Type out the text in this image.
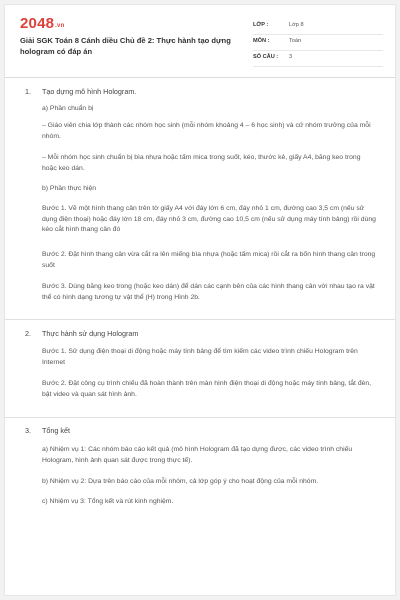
2048.vn
Giải SGK Toán 8 Cánh diều Chủ đề 2: Thực hành tạo dựng hologram có đáp án
LỚP :	Lớp 8
MÔN :	Toán
SỐ CÂU : 3
1. Tạo dựng mô hình Hologram.
a) Phần chuẩn bị
– Giáo viên chia lớp thành các nhóm học sinh (mỗi nhóm khoảng 4 – 6 học sinh) và cử nhóm trưởng của mỗi nhóm.
– Mỗi nhóm học sinh chuẩn bị bìa nhựa hoặc tấm mica trong suốt, kéo, thước kẻ, giấy A4, băng keo trong hoặc keo dán.
b) Phần thực hiện
Bước 1. Vẽ một hình thang cân trên tờ giấy A4 với đáy lớn 6 cm, đáy nhỏ 1 cm, đường cao 3,5 cm (nếu sử dụng điện thoại) hoặc đáy lớn 18 cm, đáy nhỏ 3 cm, đường cao 10,5 cm (nếu sử dụng máy tính bảng) rồi dùng kéo cắt hình thang cân đó
Bước 2. Đặt hình thang cân vừa cắt ra lên miếng bìa nhựa (hoặc tấm mica) rồi cắt ra bốn hình thang cân trong suốt
Bước 3. Dùng băng keo trong (hoặc keo dán) để dán các cạnh bên của các hình thang cân với nhau tạo ra vật thể có hình dạng tương tự vật thể (H) trong Hình 2b.
2. Thực hành sử dụng Hologram
Bước 1. Sử dụng điện thoại di động hoặc máy tính bảng để tìm kiếm các video trình chiếu Hologram trên Internet
Bước 2. Đặt công cụ trình chiếu đã hoàn thành trên màn hình điện thoại di động hoặc máy tính bảng, tắt đèn, bật video và quan sát hình ảnh.
3. Tổng kết
a) Nhiệm vụ 1: Các nhóm báo cáo kết quả (mô hình Hologram đã tạo dựng được, các video trình chiếu Hologram, hình ảnh quan sát được trong thực tế).
b) Nhiệm vụ 2: Dựa trên báo cáo của mỗi nhóm, cả lớp góp ý cho hoạt động của mỗi nhóm.
c) Nhiệm vụ 3: Tổng kết và rút kinh nghiệm.
